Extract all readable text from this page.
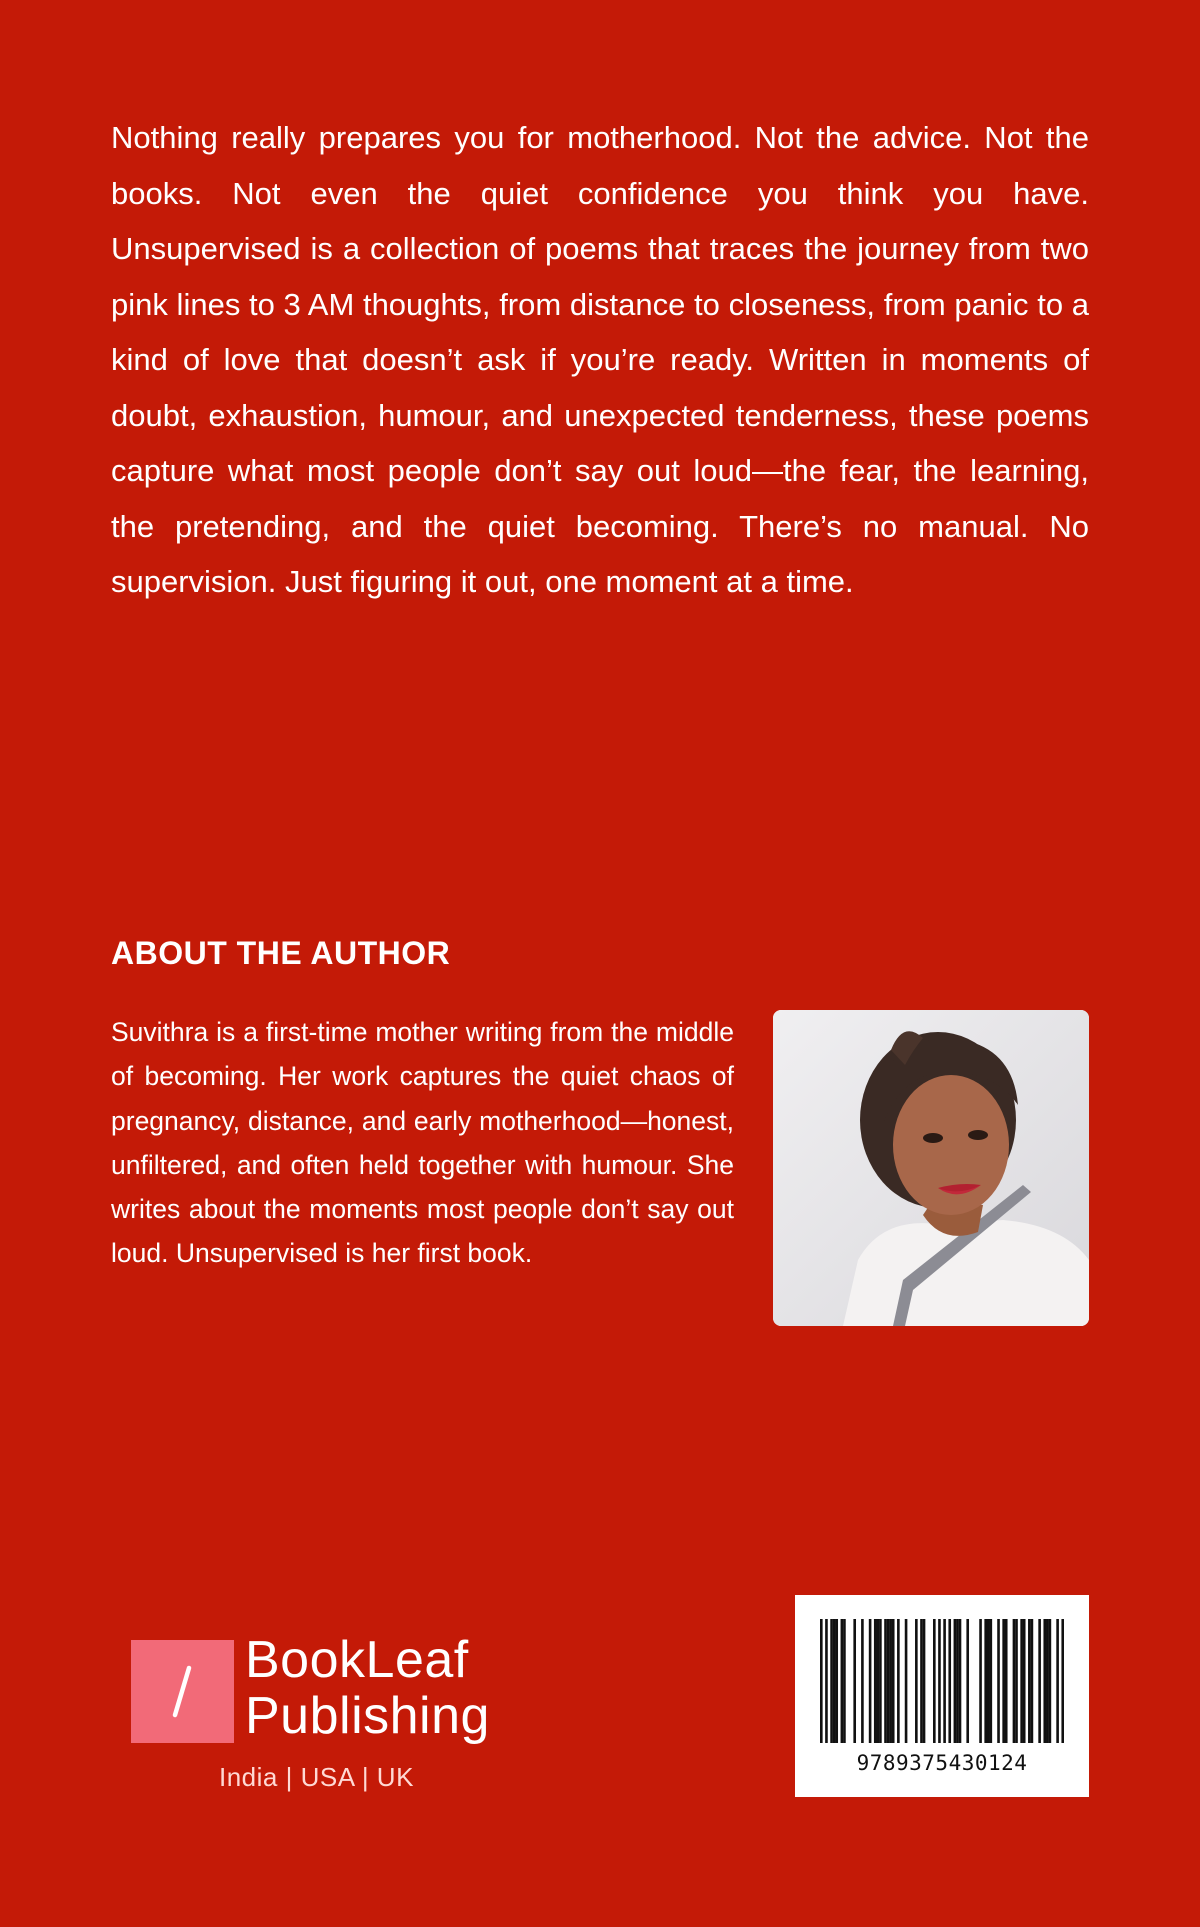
Nothing really prepares you for motherhood. Not the advice. Not the books. Not even the quiet confidence you think you have. Unsupervised is a collection of poems that traces the journey from two pink lines to 3 AM thoughts, from distance to closeness, from panic to a kind of love that doesn’t ask if you’re ready. Written in moments of doubt, exhaustion, humour, and unexpected tenderness, these poems capture what most people don’t say out loud—the fear, the learning, the pretending, and the quiet becoming. There’s no manual. No supervision. Just figuring it out, one moment at a time.

ABOUT THE AUTHOR

Suvithra is a first-time mother writing from the middle of becoming. Her work captures the quiet chaos of pregnancy, distance, and early motherhood—honest, unfiltered, and often held together with humour. She writes about the moments most people don’t say out loud. Unsupervised is her first book.

BookLeaf
Publishing
India | USA | UK	9789375430124
